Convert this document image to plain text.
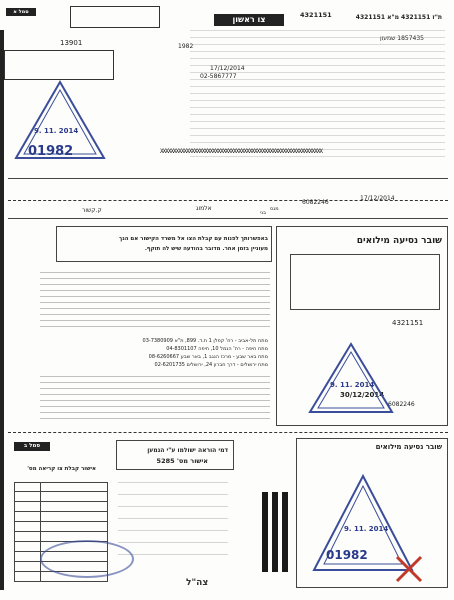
סמל א
צו ראשון	ת"ז 4321151 מ"א 4321151
13901	1982
1857435 שמעון
4321151
02-5867777
17/12/2014
9. 11. 2014
01982	XXXXXXXXXXXXXXXXXXXXXXXXXXXXXXXXXXXXXXXXXXXXXXXXXXXXXXXXXXXXXX
17/12/2014
6082246
אלמוג
ק.קשור	בני
מגס
באפשרותך לפנות עם קבלת הצו אל משרד הקישור אם הנך
מעוניין בזמן אחר. מדובר בהודעה שיש לה תוקף.
מתח תל-אביב - רח' קפלן 1 ת.ד. 899, ת"א 03-7380909
מתח חיפה - רח' הנמל 10, חיפה 04-8301107
מתח באר שבע - מרכז הנגב 1, באר שבע 08-6260667
מתח ירושלים - דרך חברון 24, ירושלים 02-6201735
שובר נסיעה מילואים
4321151
30/12/2014
6082246
9. 11. 2014
סמל ב
אישור קבלת צו קריאה מס'
דמי הוראה ישולמו ע"י הנמען
אישור מס' 5285
צה"ל
שובר נסיעה מילואים
01982
9. 11. 2014
